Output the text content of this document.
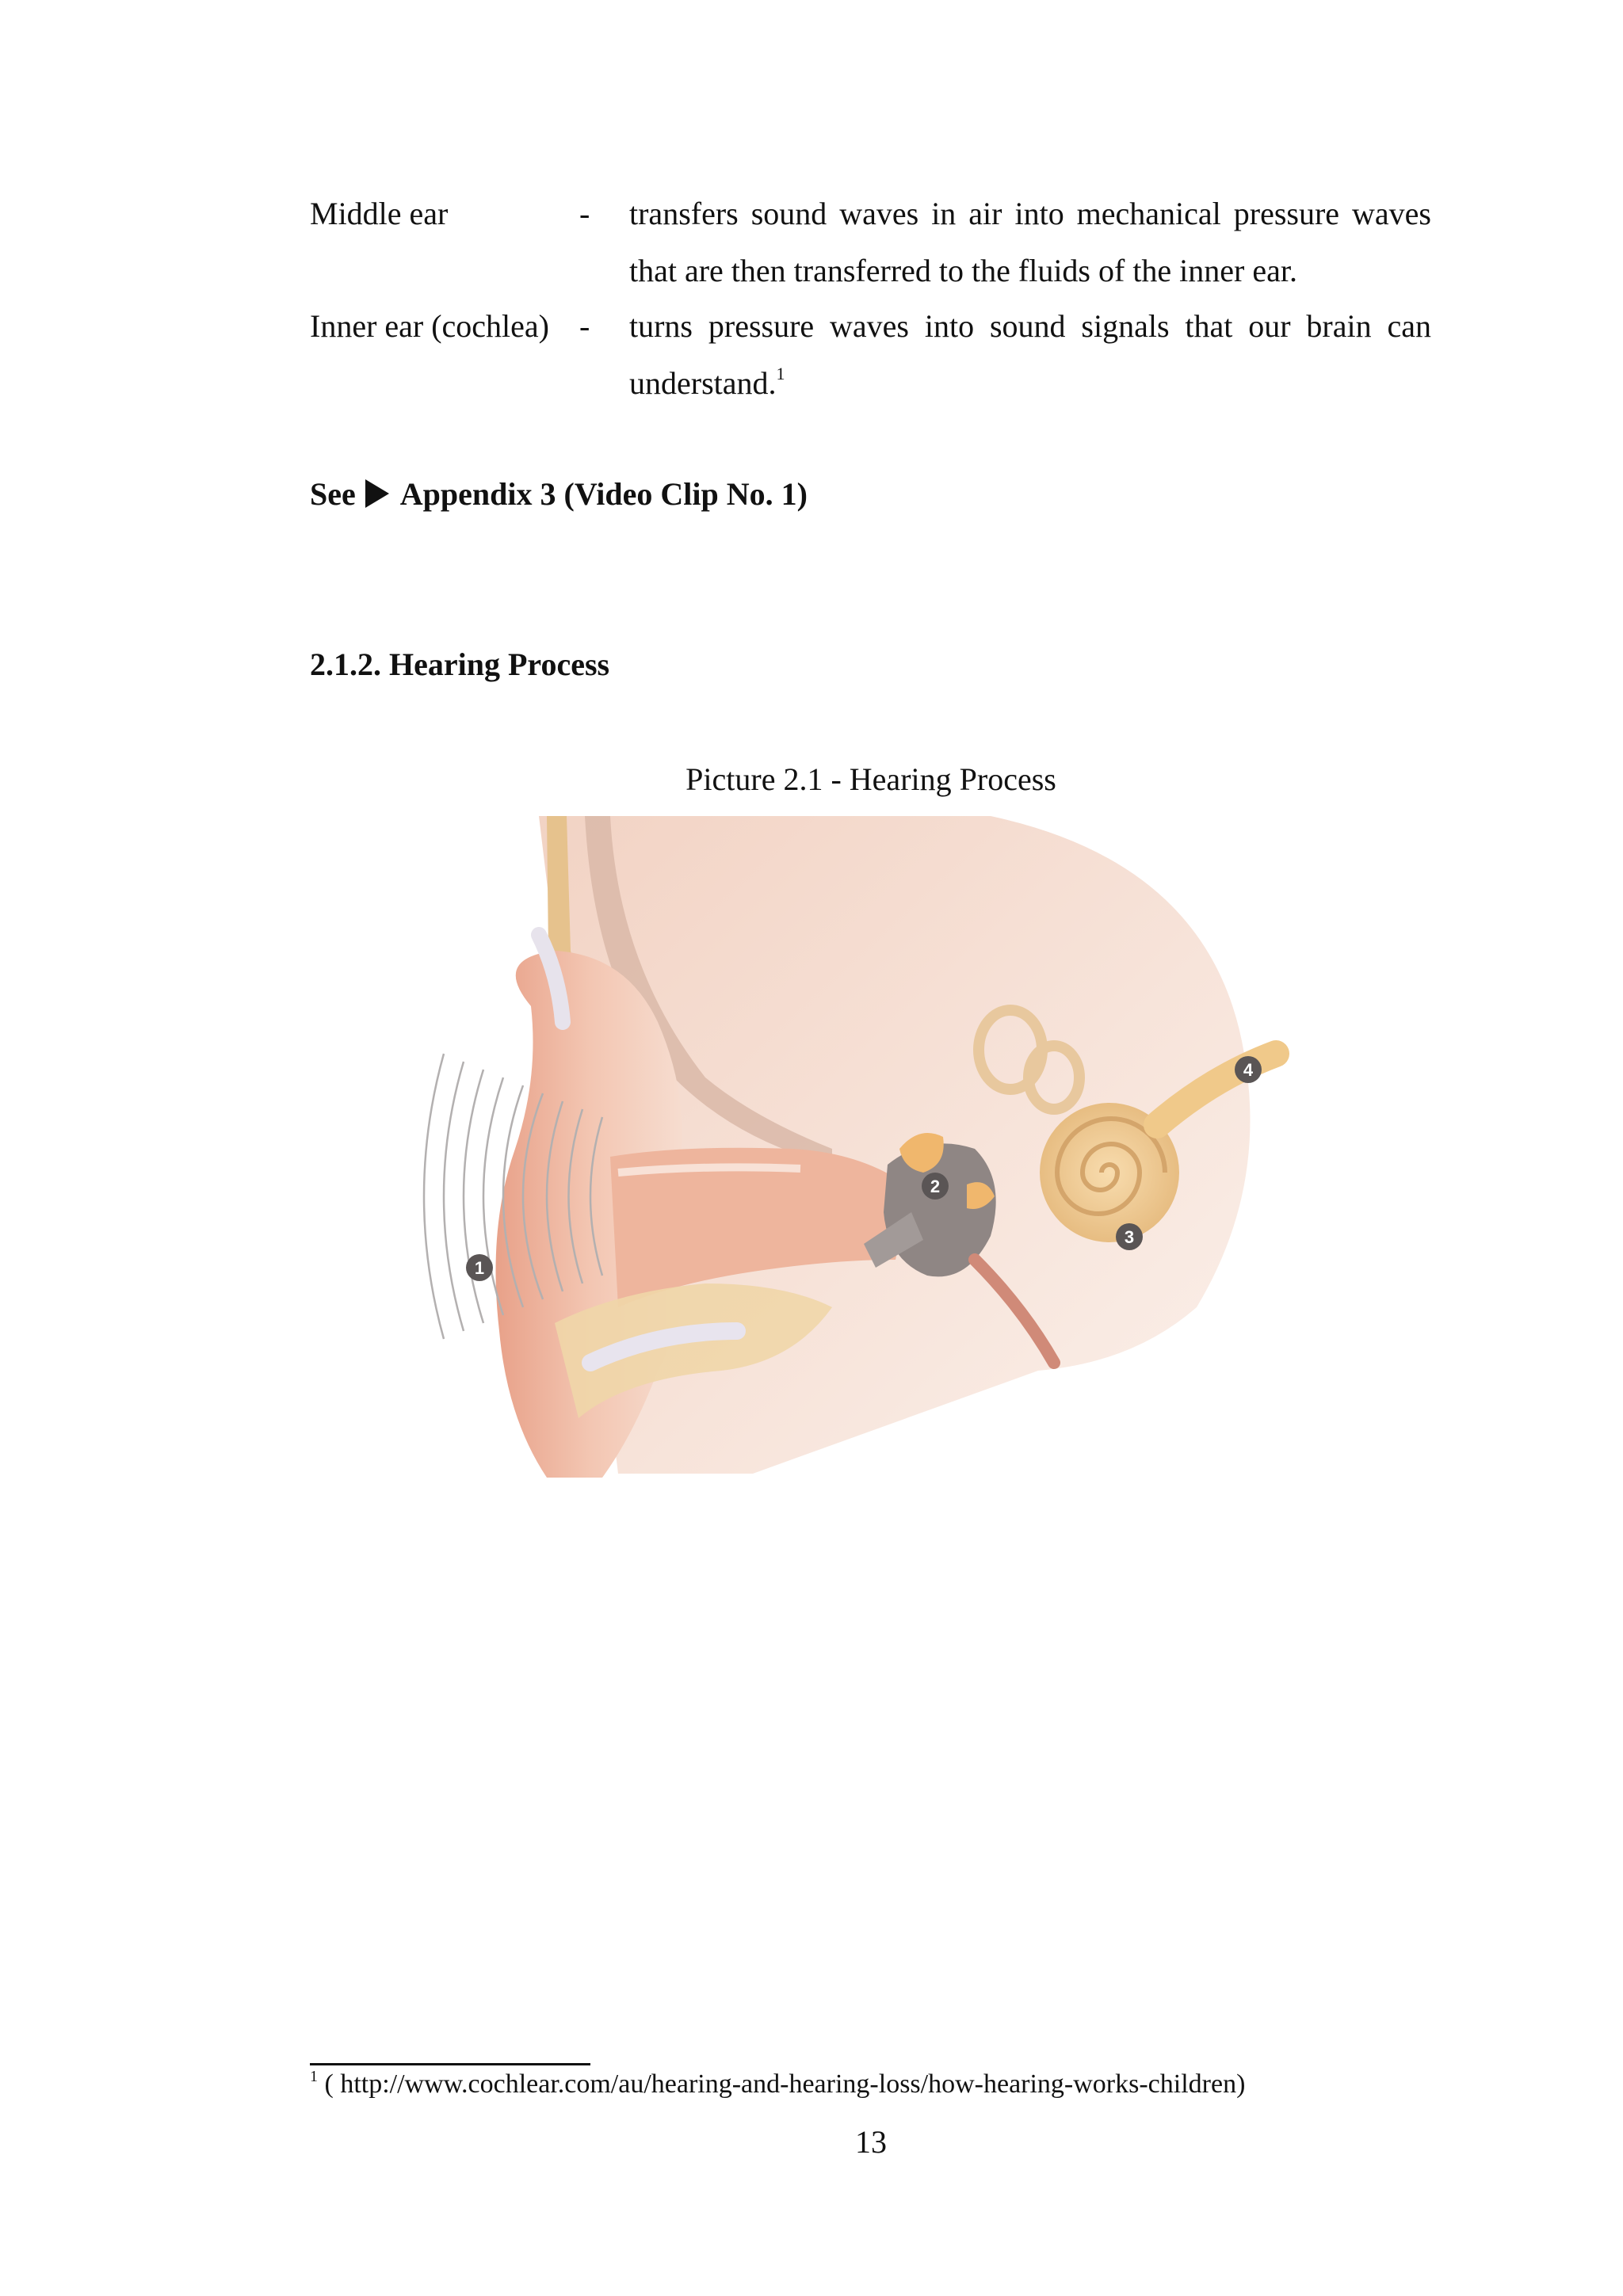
Middle ear	- transfers sound waves in air into mechanical pressure waves that are then transferred to the fluids of the inner ear.
Inner ear (cochlea) - turns pressure waves into sound signals that our brain can understand.$^1$
See Appendix 3 (Video Clip No. 1)
2.1.2. Hearing Process
Picture 2.1 - Hearing Process
1
2
3
4
$^1$ ( http://www.cochlear.com/au/hearing-and-hearing-loss/how-hearing-works-children)
13
